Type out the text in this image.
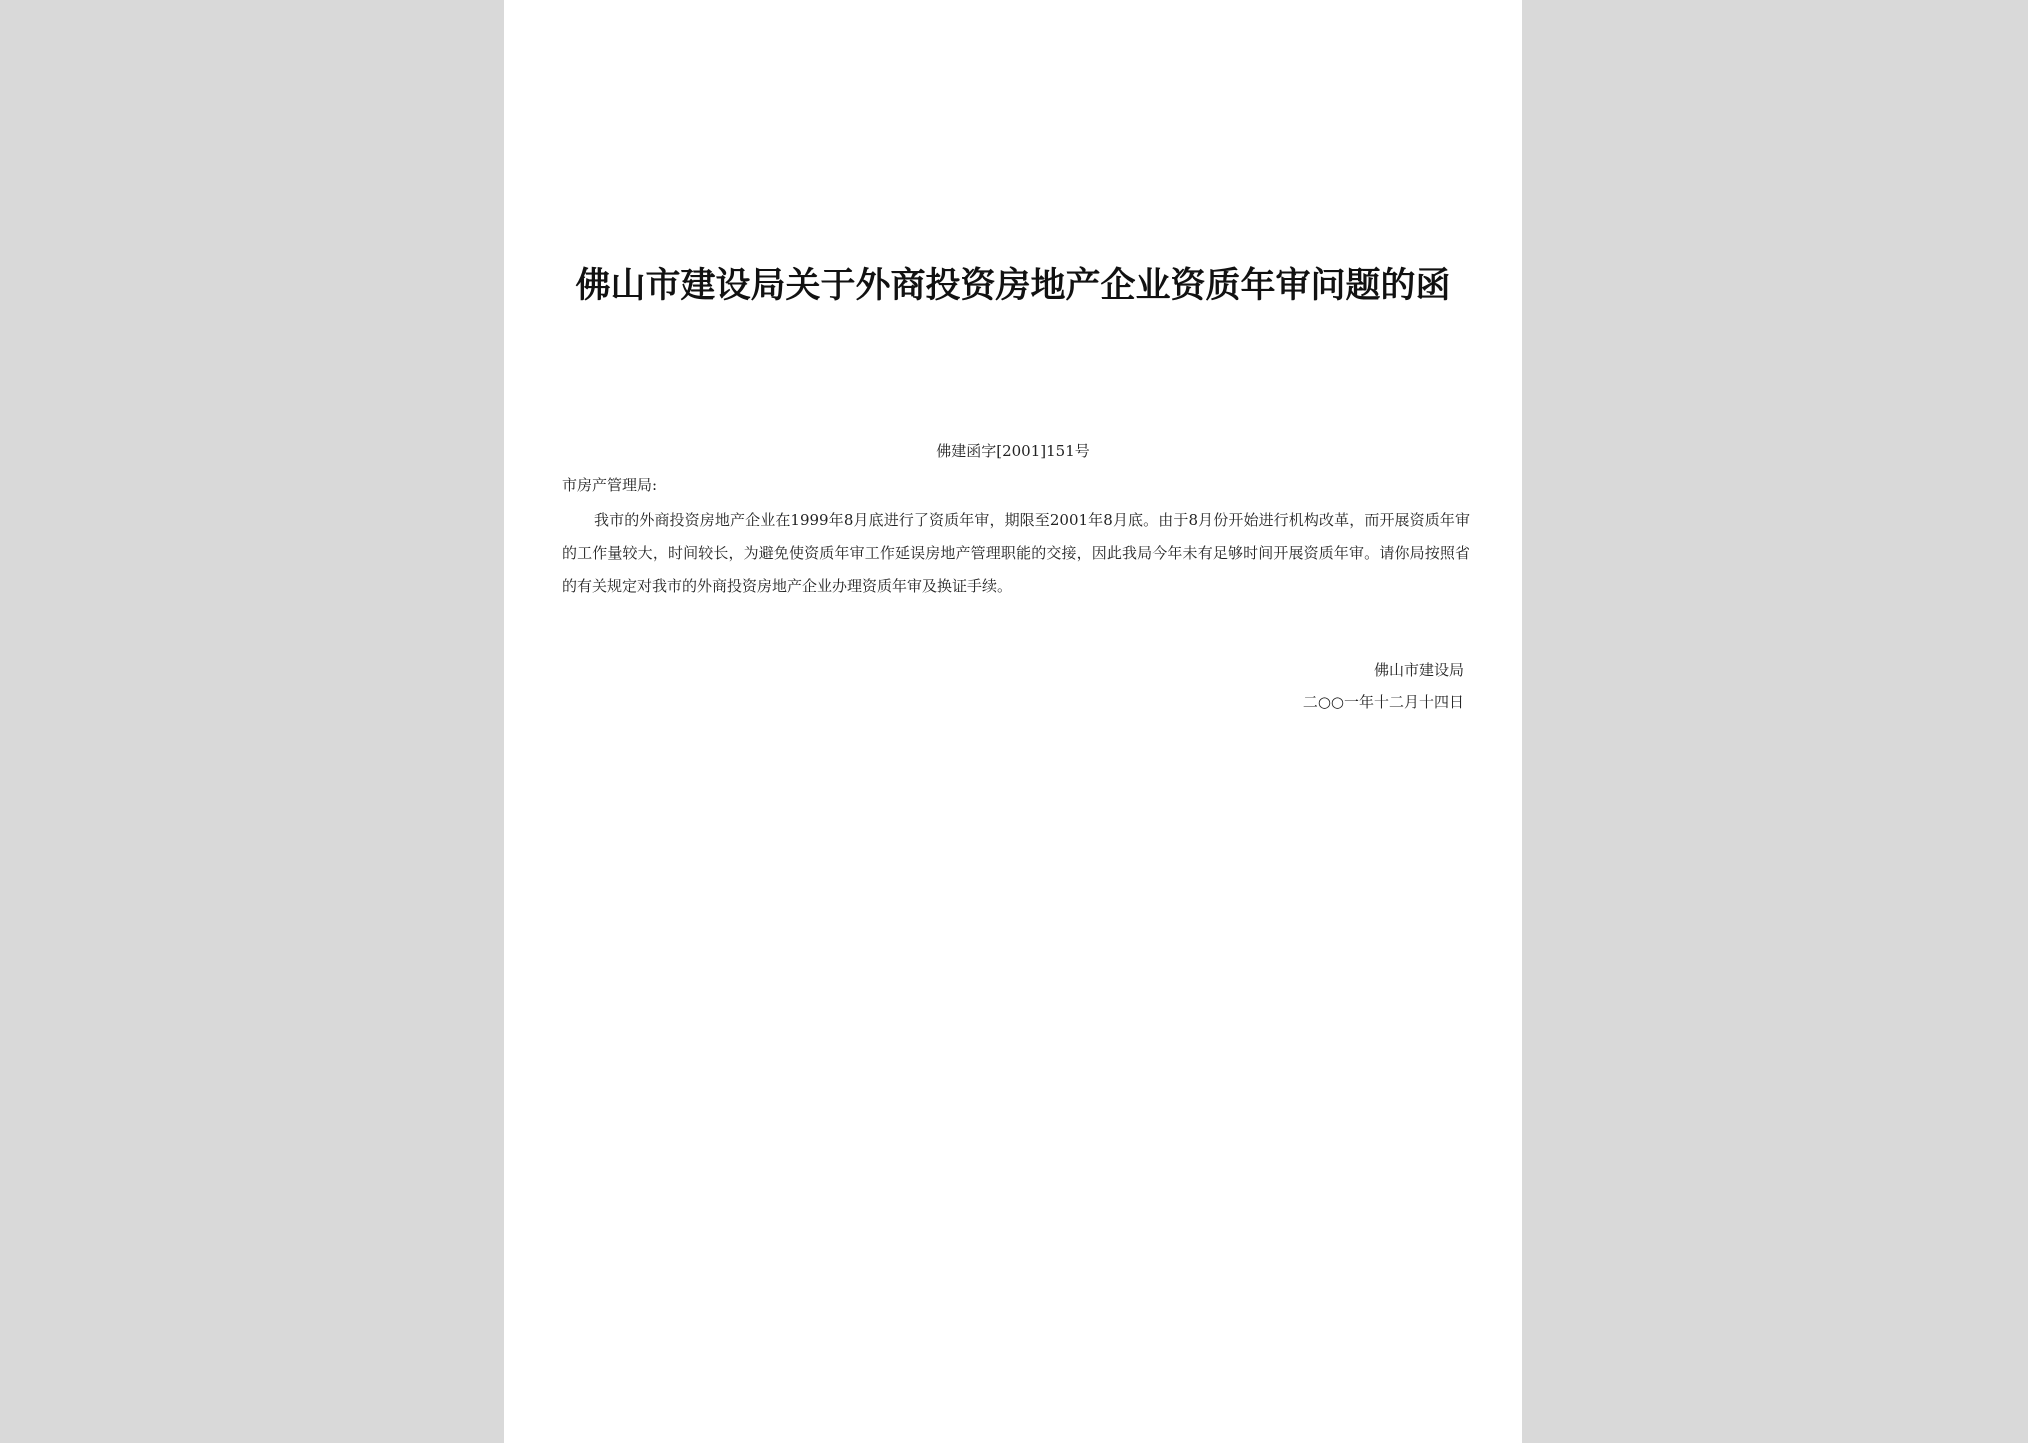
佛山市建设局关于外商投资房地产企业资质年审问题的函
佛建函字[2001]151号
市房产管理局:

我市的外商投资房地产企业在1999年8月底进行了资质年审，期限至2001年8月底。由于8月份开始进行机构改革，而开展资质年审的工作量较大，时间较长，为避免使资质年审工作延误房地产管理职能的交接，因此我局今年未有足够时间开展资质年审。请你局按照省的有关规定对我市的外商投资房地产企业办理资质年审及换证手续。

佛山市建设局
二○○一年十二月十四日
